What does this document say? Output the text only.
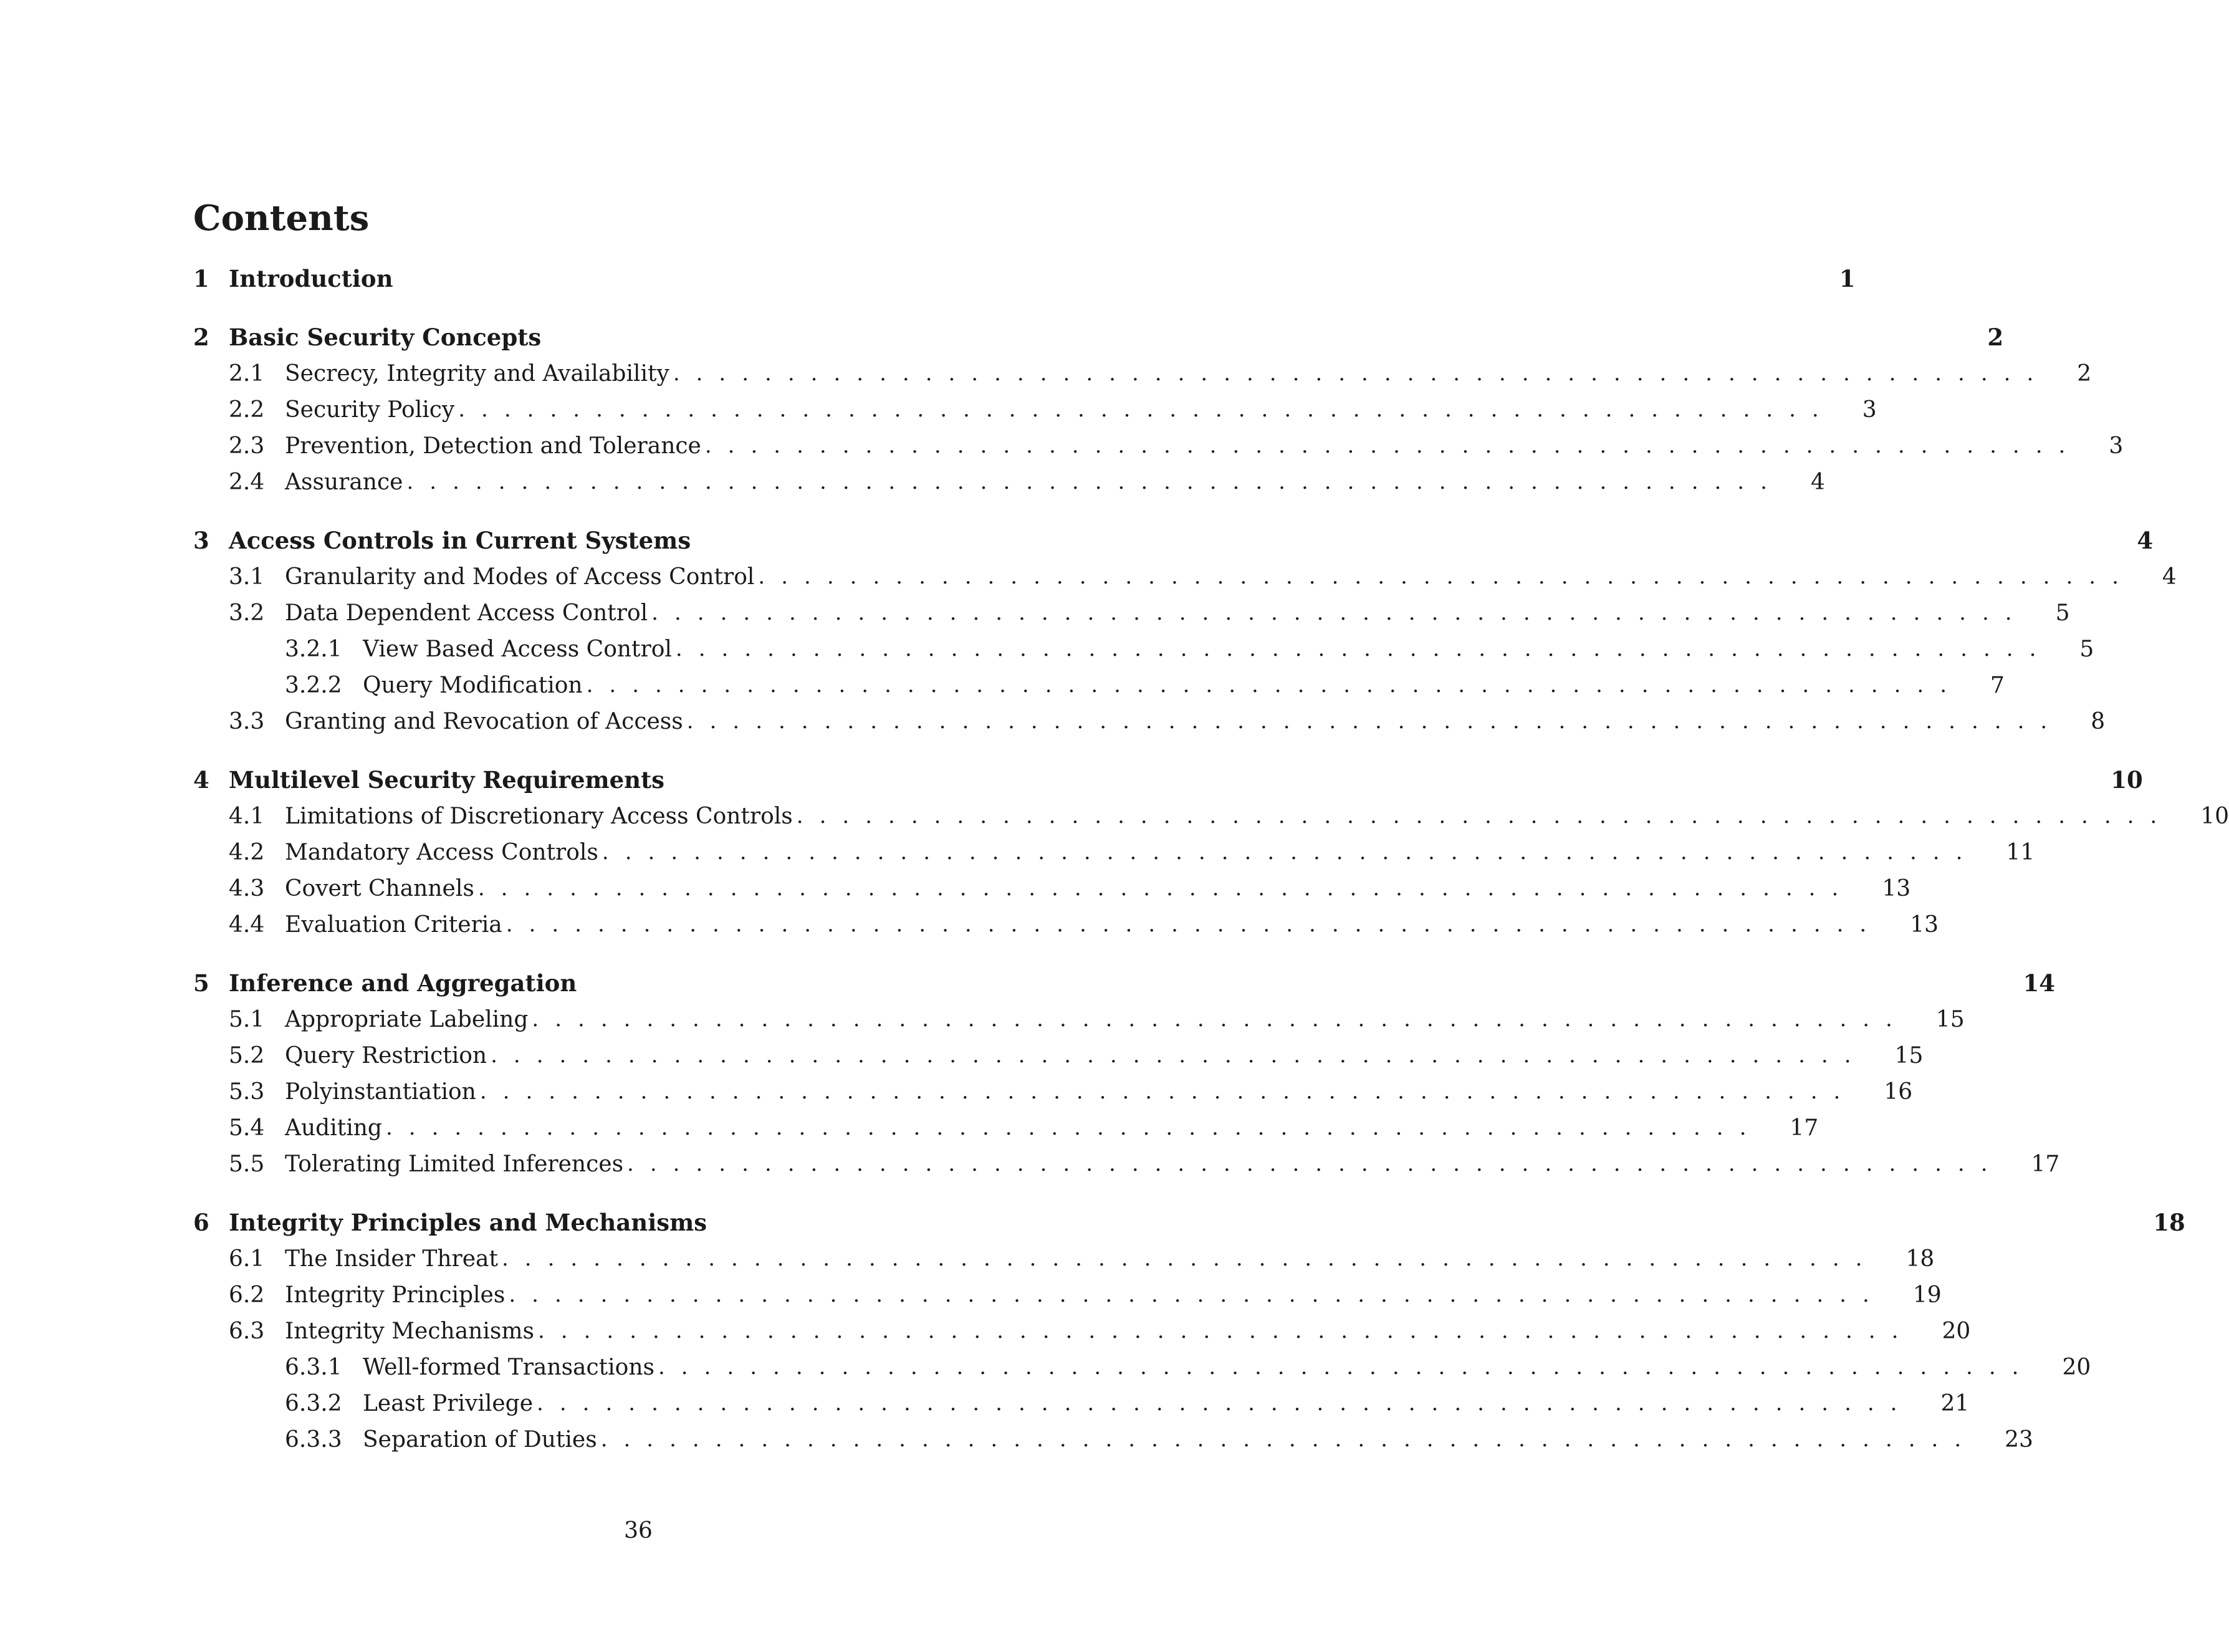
Contents
1 Introduction	1
2 Basic Security Concepts	2
2.1 Secrecy, Integrity and Availability ............................................................ 2
2.2 Security Policy ............................................................ 3
2.3 Prevention, Detection and Tolerance ............................................................ 3
2.4 Assurance ............................................................ 4
3 Access Controls in Current Systems	4
3.1 Granularity and Modes of Access Control ............................................................ 4
3.2 Data Dependent Access Control ............................................................ 5
3.2.1 View Based Access Control ............................................................ 5
3.2.2 Query Modification ............................................................ 7
3.3 Granting and Revocation of Access ............................................................ 8
4 Multilevel Security Requirements	10
4.1 Limitations of Discretionary Access Controls ............................................................ 10
4.2 Mandatory Access Controls ............................................................ 11
4.3 Covert Channels ............................................................ 13
4.4 Evaluation Criteria ............................................................ 13
5 Inference and Aggregation	14
5.1 Appropriate Labeling ............................................................ 15
5.2 Query Restriction ............................................................ 15
5.3 Polyinstantiation ............................................................ 16
5.4 Auditing ............................................................ 17
5.5 Tolerating Limited Inferences ............................................................ 17
6 Integrity Principles and Mechanisms	18
6.1 The Insider Threat ............................................................ 18
6.2 Integrity Principles ............................................................ 19
6.3 Integrity Mechanisms ............................................................ 20
6.3.1 Well-formed Transactions ............................................................ 20
6.3.2 Least Privilege ............................................................ 21
6.3.3 Separation of Duties ............................................................ 23
36
